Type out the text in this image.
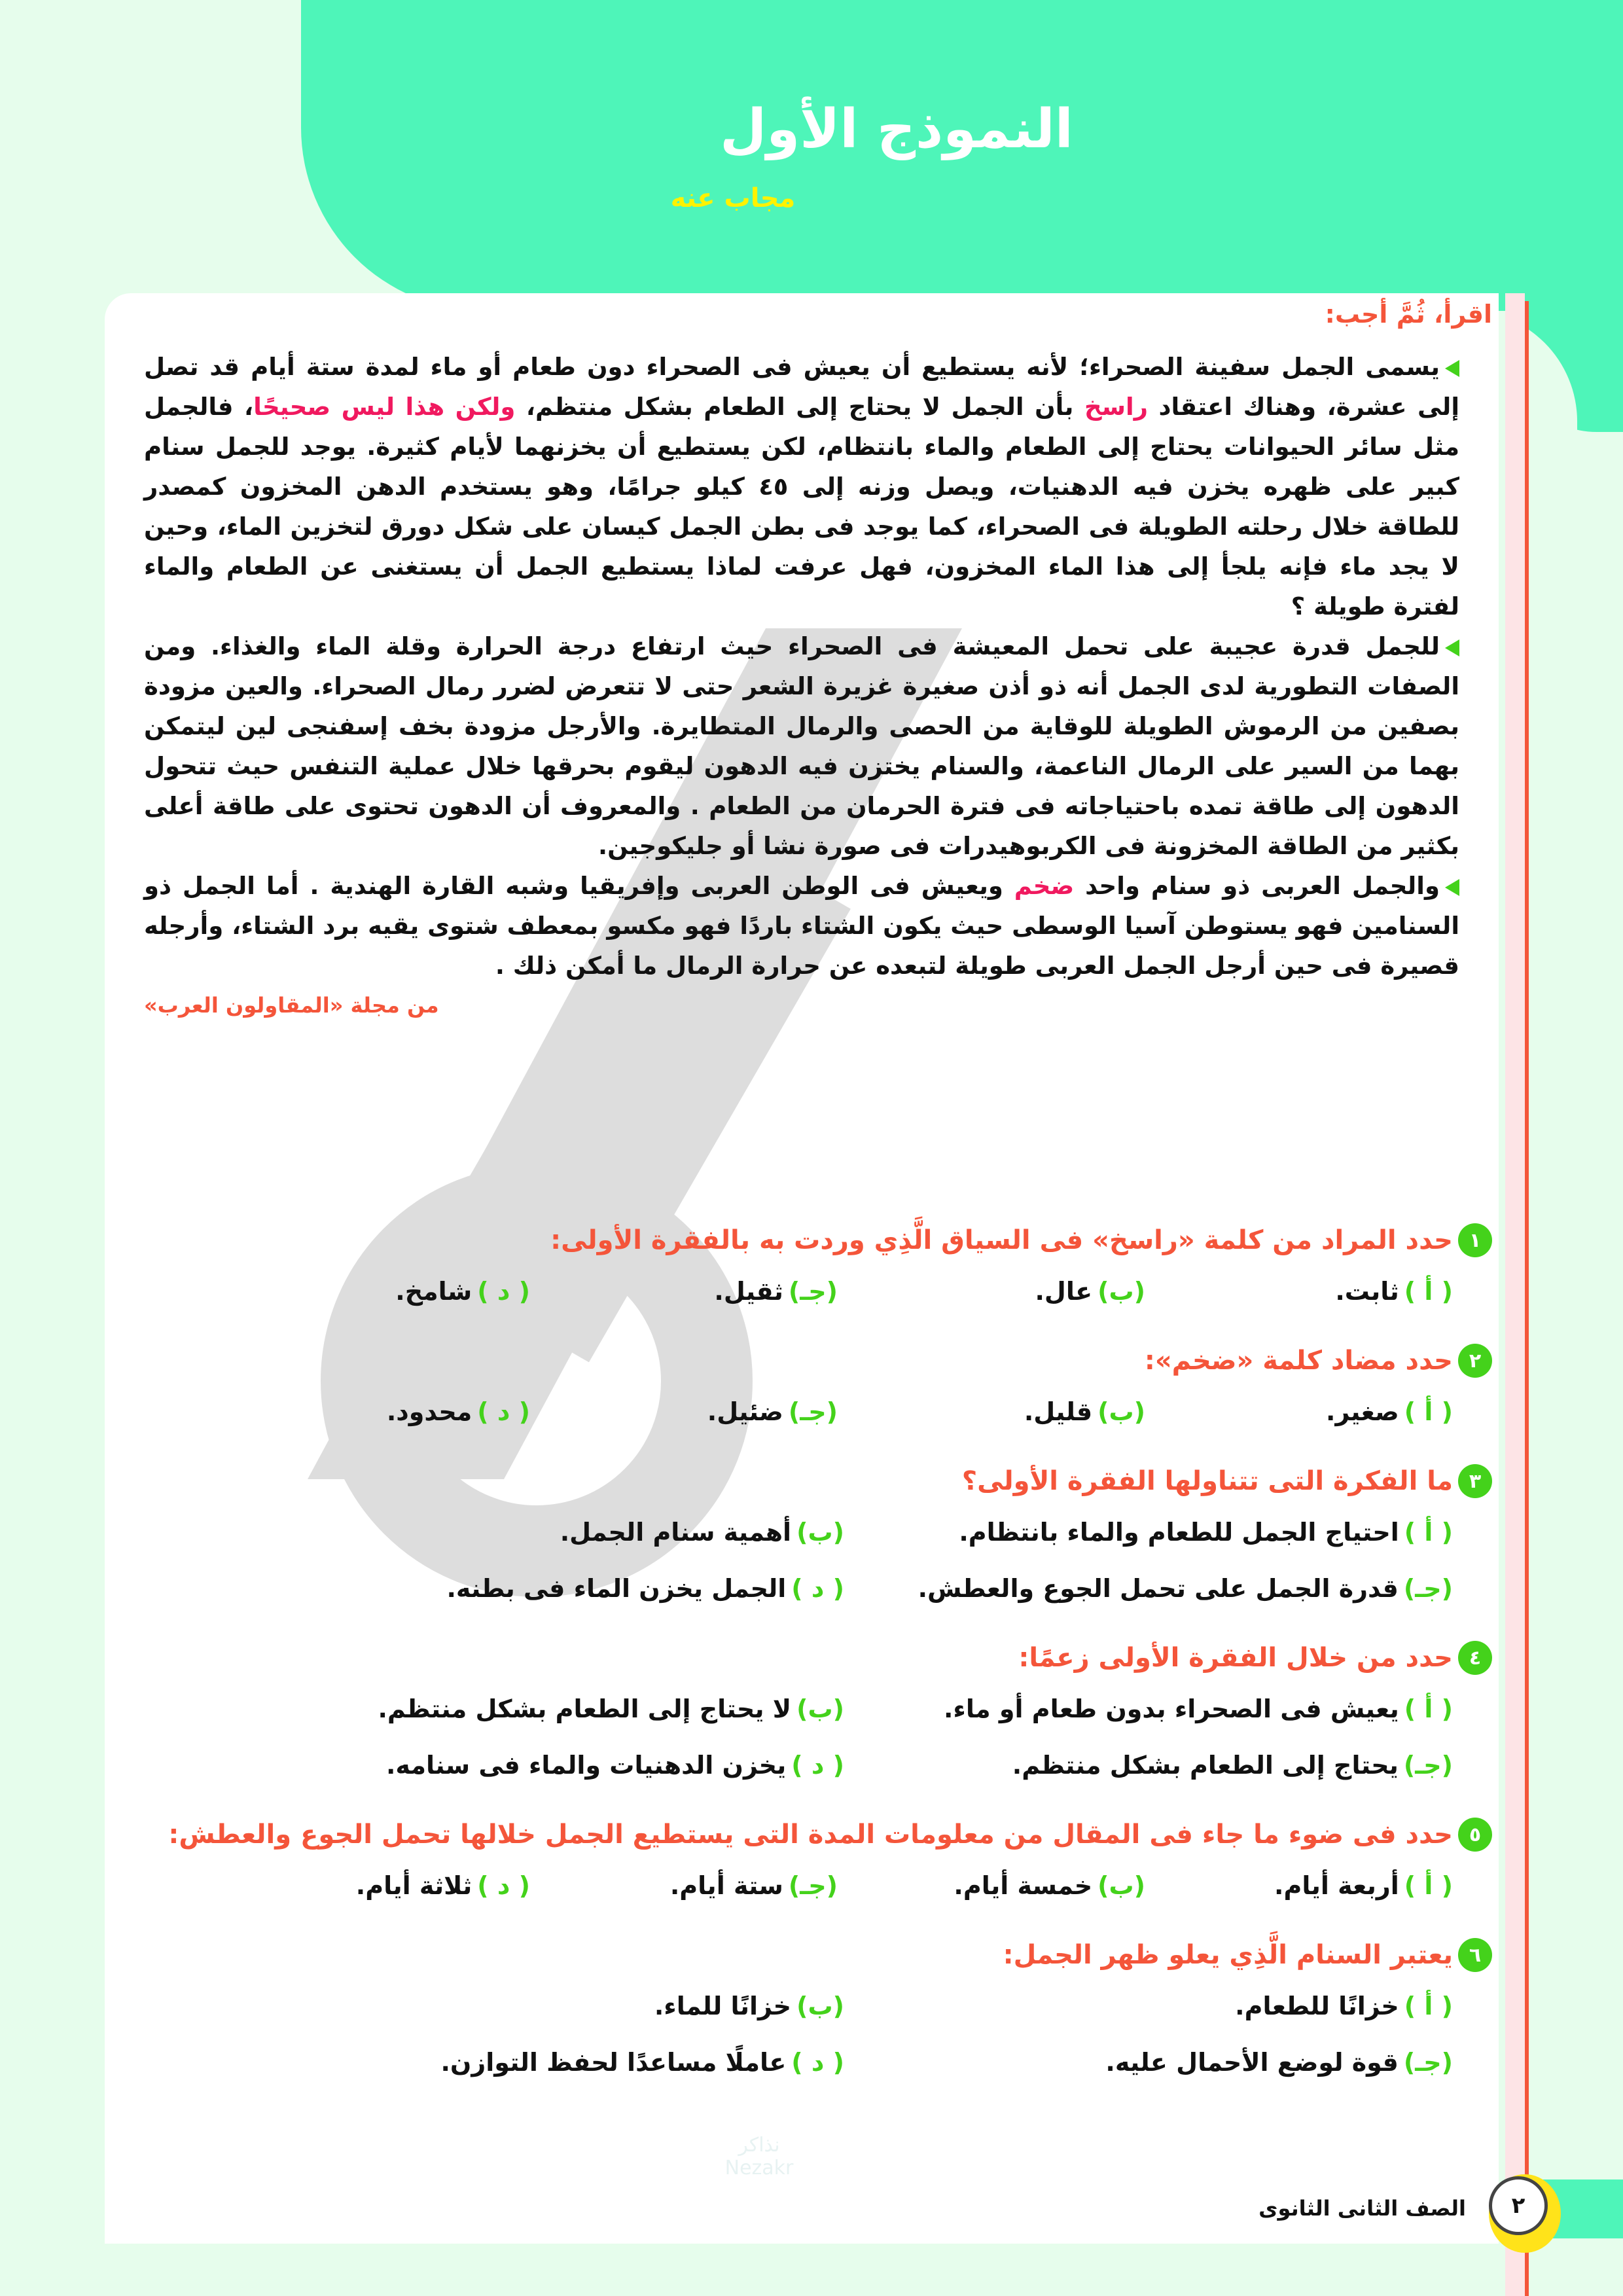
النموذج الأول
مجاب عنه
اقرأ، ثُمَّ أجب:

يسمى الجمل سفينة الصحراء؛ لأنه يستطيع أن يعيش فى الصحراء دون طعام أو ماء لمدة ستة أيام قد تصل إلى عشرة، وهناك اعتقاد راسخ بأن الجمل لا يحتاج إلى الطعام بشكل منتظم، ولكن هذا ليس صحيحًا، فالجمل مثل سائر الحيوانات يحتاج إلى الطعام والماء بانتظام، لكن يستطيع أن يخزنهما لأيام كثيرة. يوجد للجمل سنام كبير على ظهره يخزن فيه الدهنيات، ويصل وزنه إلى ٤٥ كيلو جرامًا، وهو يستخدم الدهن المخزون كمصدر للطاقة خلال رحلته الطويلة فى الصحراء، كما يوجد فى بطن الجمل كيسان على شكل دورق لتخزين الماء، وحين لا يجد ماء فإنه يلجأ إلى هذا الماء المخزون، فهل عرفت لماذا يستطيع الجمل أن يستغنى عن الطعام والماء لفترة طويلة ؟

للجمل قدرة عجيبة على تحمل المعيشة فى الصحراء حيث ارتفاع درجة الحرارة وقلة الماء والغذاء. ومن الصفات التطورية لدى الجمل أنه ذو أذن صغيرة غزيرة الشعر حتى لا تتعرض لضرر رمال الصحراء. والعين مزودة بصفين من الرموش الطويلة للوقاية من الحصى والرمال المتطايرة. والأرجل مزودة بخف إسفنجى لين ليتمكن بهما من السير على الرمال الناعمة، والسنام يختزن فيه الدهون ليقوم بحرقها خلال عملية التنفس حيث تتحول الدهون إلى طاقة تمده باحتياجاته فى فترة الحرمان من الطعام . والمعروف أن الدهون تحتوى على طاقة أعلى بكثير من الطاقة المخزونة فى الكربوهيدرات فى صورة نشا أو جليكوجين.

والجمل العربى ذو سنام واحد ضخم ويعيش فى الوطن العربى وإفريقيا وشبه القارة الهندية . أما الجمل ذو السنامين فهو يستوطن آسيا الوسطى حيث يكون الشتاء باردًا فهو مكسو بمعطف شتوى يقيه برد الشتاء، وأرجله قصيرة فى حين أرجل الجمل العربى طويلة لتبعده عن حرارة الرمال ما أمكن ذلك .

من مجلة «المقاولون العرب»
١
حدد المراد من كلمة «راسخ» فى السياق الَّذِي وردت به بالفقرة الأولى:
( أ )ثابت.
(ب)عال.
(جـ)ثقيل.
( د )شامخ.
٢
حدد مضاد كلمة «ضخم»:
( أ )صغير.
(ب)قليل.
(جـ)ضئيل.
( د )محدود.
٣
ما الفكرة التى تتناولها الفقرة الأولى؟
( أ )
احتياج الجمل للطعام والماء بانتظام.
(ب)
أهمية سنام الجمل.
(جـ)
قدرة الجمل على تحمل الجوع والعطش.
( د )
الجمل يخزن الماء فى بطنه.
٤
حدد من خلال الفقرة الأولى زعمًا:
( أ )
يعيش فى الصحراء بدون طعام أو ماء.
(ب)
لا يحتاج إلى الطعام بشكل منتظم.
(جـ)
يحتاج إلى الطعام بشكل منتظم.
( د )
يخزن الدهنيات والماء فى سنامه.
٥
حدد فى ضوء ما جاء فى المقال من معلومات المدة التى يستطيع الجمل خلالها تحمل الجوع والعطش:
( أ )أربعة أيام.
(ب)خمسة أيام.
(جـ)ستة أيام.
( د )ثلاثة أيام.
٦
يعتبر السنام الَّذِي يعلو ظهر الجمل:
( أ )
خزانًا للطعام.
(ب)
خزانًا للماء.
(جـ)
قوة لوضع الأحمال عليه.
( د )
عاملًا مساعدًا لحفظ التوازن.
نذاكر Nezakr
٢
الصف الثانى الثانوى
